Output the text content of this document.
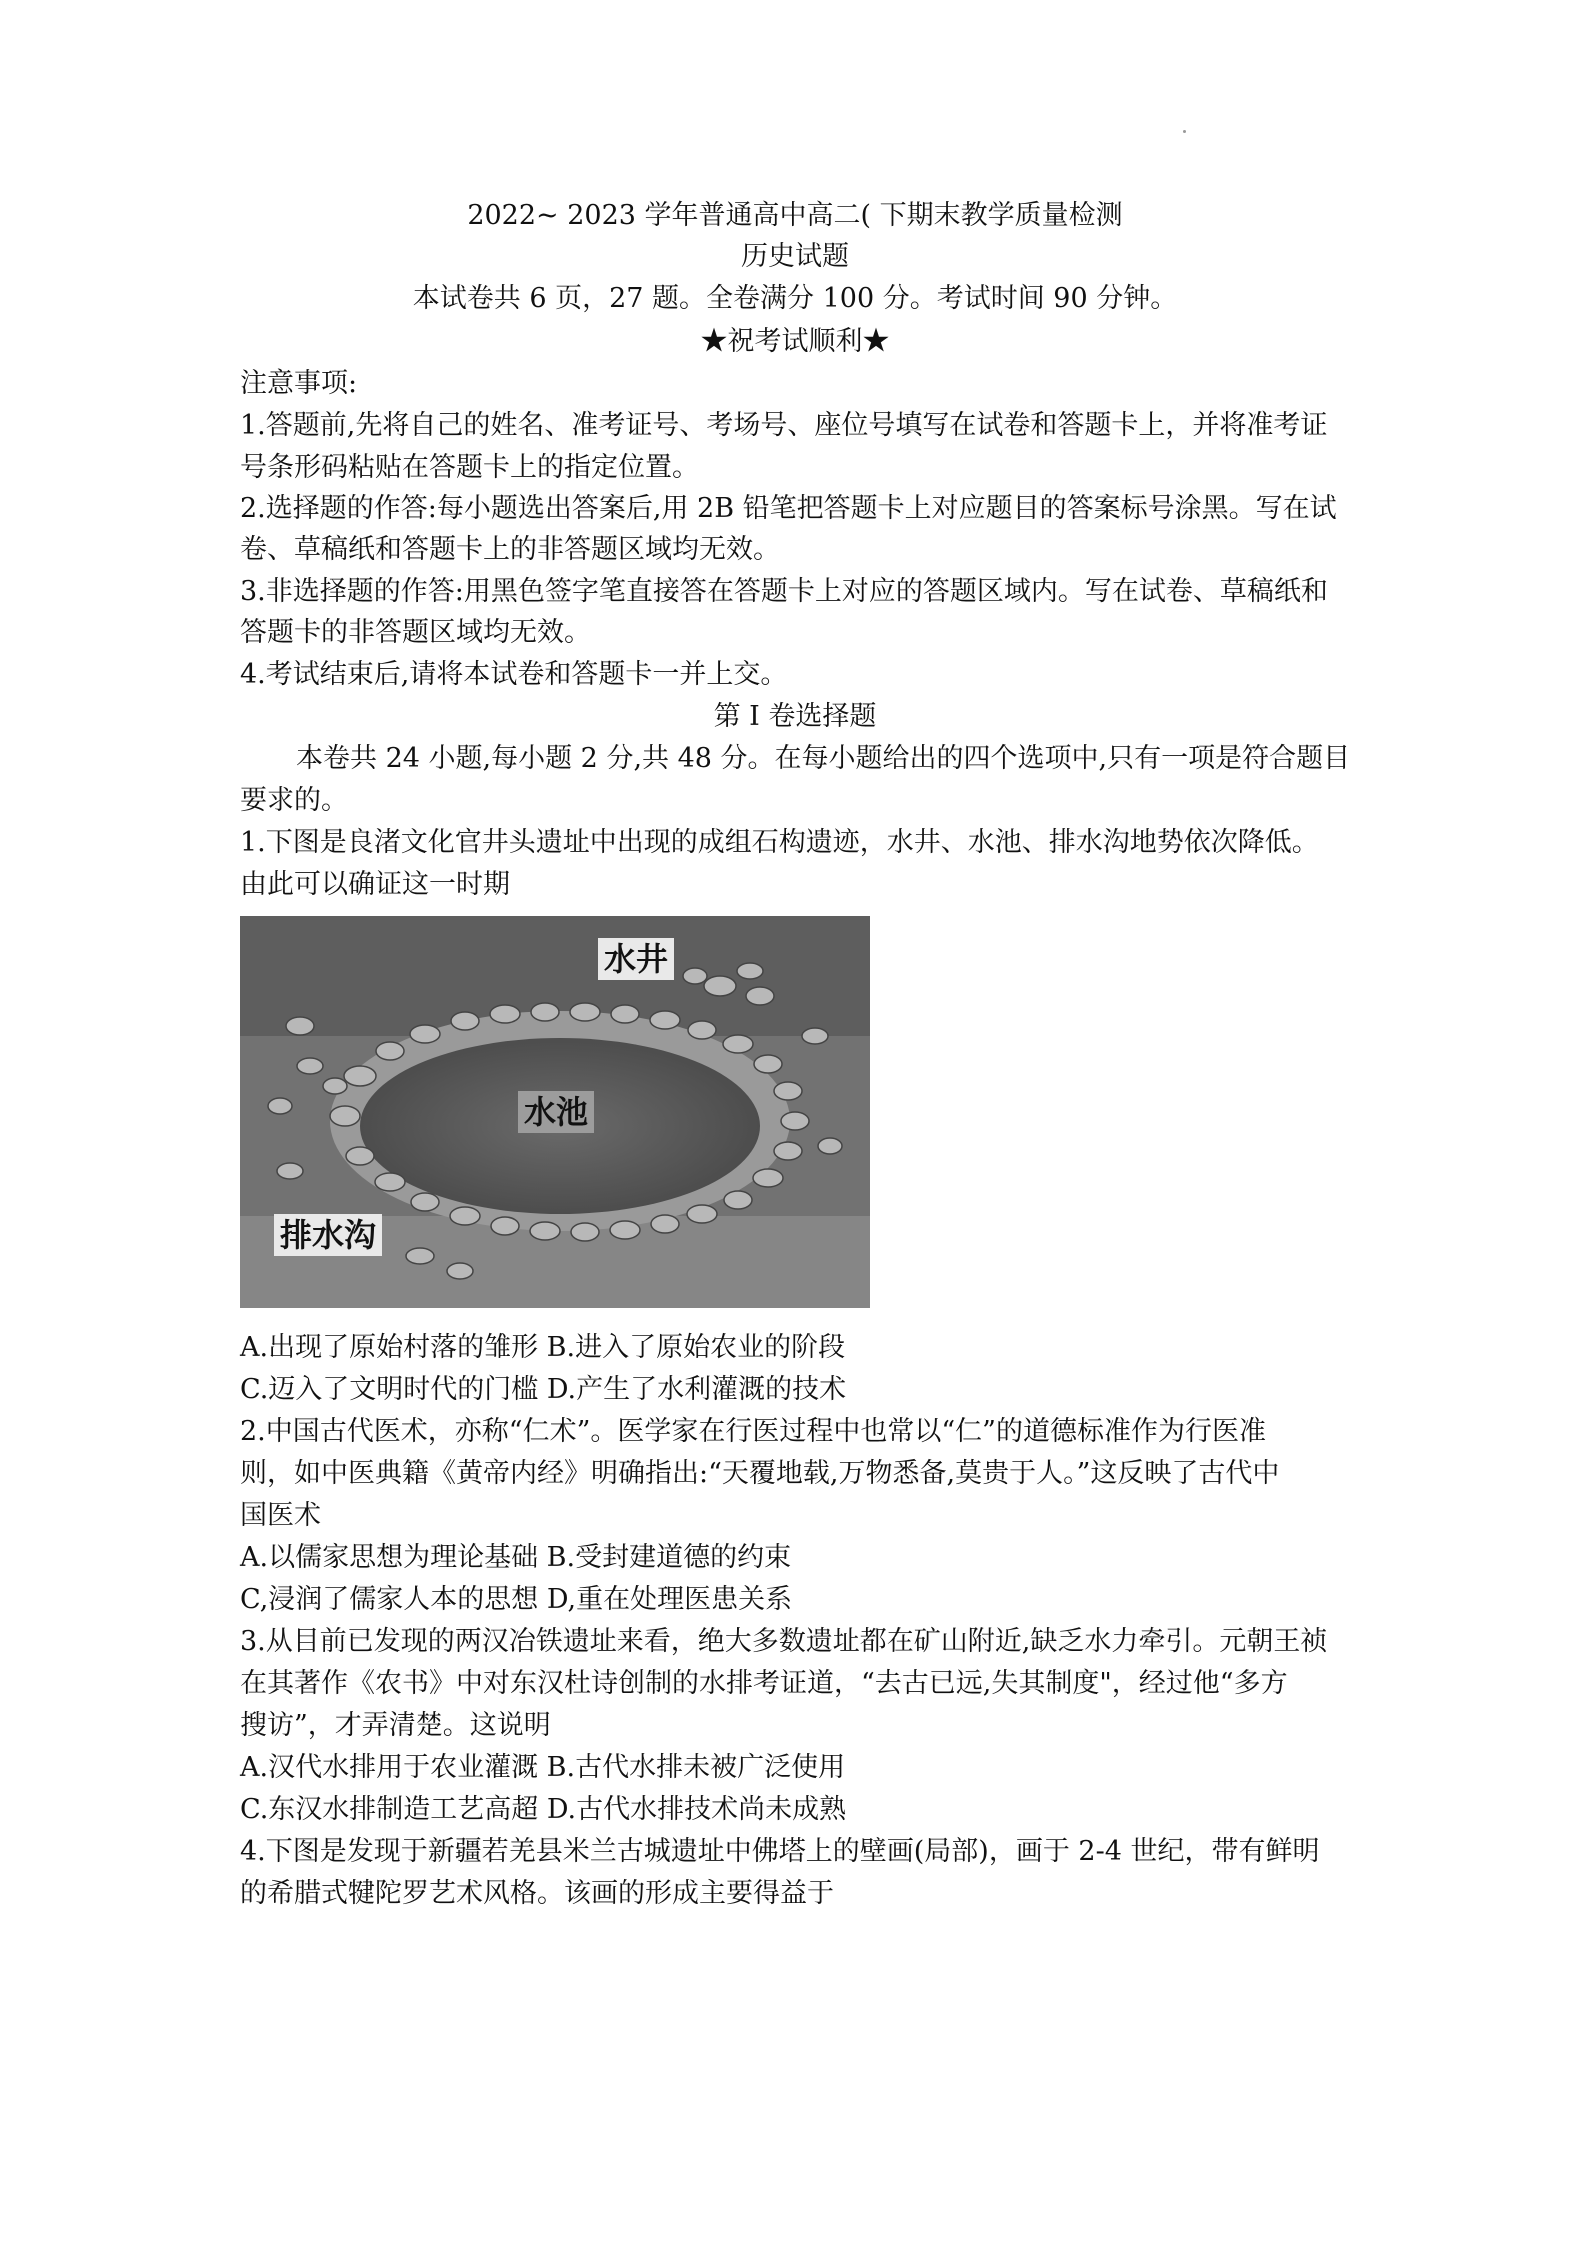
2022~ 2023 学年普通高中高二( 下期末教学质量检测
历史试题
本试卷共 6 页，27 题。全卷满分 100 分。考试时间 90 分钟。
★祝考试顺利★
注意事项:
1.答题前,先将自己的姓名、准考证号、考场号、座位号填写在试卷和答题卡上，并将准考证
号条形码粘贴在答题卡上的指定位置。
2.选择题的作答:每小题选出答案后,用 2B 铅笔把答题卡上对应题目的答案标号涂黑。写在试
卷、草稿纸和答题卡上的非答题区域均无效。
3.非选择题的作答:用黑色签字笔直接答在答题卡上对应的答题区域内。写在试卷、草稿纸和
答题卡的非答题区域均无效。
4.考试结束后,请将本试卷和答题卡一并上交。
第 I 卷选择题
本卷共 24 小题,每小题 2 分,共 48 分。在每小题给出的四个选项中,只有一项是符合题目
要求的。
1.下图是良渚文化官井头遗址中出现的成组石构遗迹，水井、水池、排水沟地势依次降低。
由此可以确证这一时期
水井
水池
排水沟
A.出现了原始村落的雏形 B.进入了原始农业的阶段
C.迈入了文明时代的门槛 D.产生了水利灌溉的技术
2.中国古代医术，亦称“仁术”。医学家在行医过程中也常以“仁”的道德标准作为行医准
则，如中医典籍《黄帝内经》明确指出:“天覆地载,万物悉备,莫贵于人。”这反映了古代中
国医术
A.以儒家思想为理论基础 B.受封建道德的约束
C,浸润了儒家人本的思想 D,重在处理医患关系
3.从目前已发现的两汉冶铁遗址来看，绝大多数遗址都在矿山附近,缺乏水力牵引。元朝王祯
在其著作《农书》中对东汉杜诗创制的水排考证道，“去古已远,失其制度"，经过他“多方
搜访”，才弄清楚。这说明
A.汉代水排用于农业灌溉 B.古代水排未被广泛使用
C.东汉水排制造工艺高超 D.古代水排技术尚未成熟
4.下图是发现于新疆若羌县米兰古城遗址中佛塔上的壁画(局部)，画于 2-4 世纪，带有鲜明
的希腊式犍陀罗艺术风格。该画的形成主要得益于
